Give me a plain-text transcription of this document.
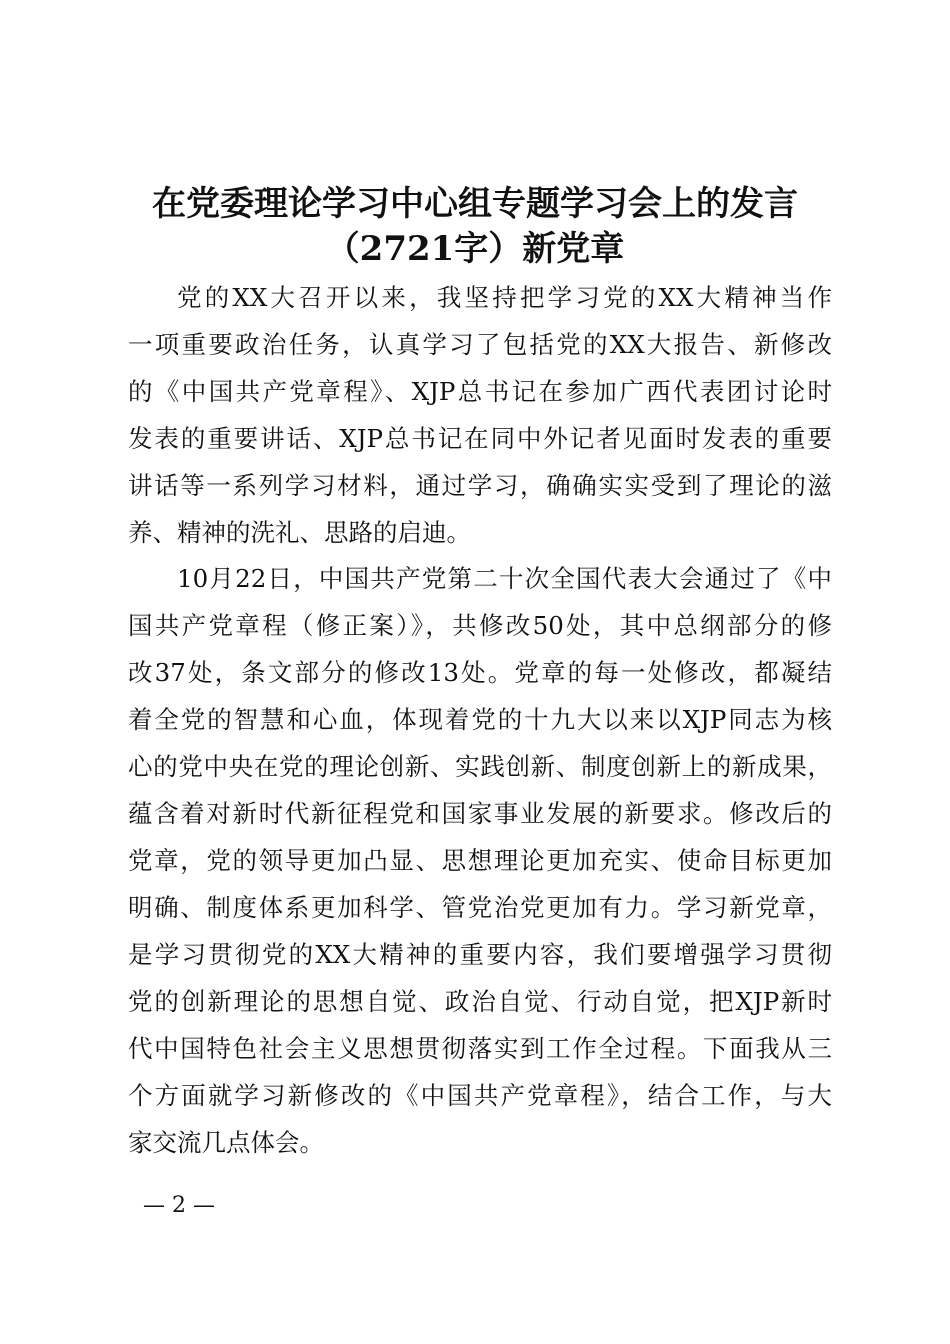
在党委理论学习中心组专题学习会上的发言
（2721字）新党章
党的XX大召开以来，我坚持把学习党的XX大精神当作
一项重要政治任务，认真学习了包括党的XX大报告、新修改
的《中国共产党章程》、XJP总书记在参加广西代表团讨论时
发表的重要讲话、XJP总书记在同中外记者见面时发表的重要
讲话等一系列学习材料，通过学习，确确实实受到了理论的滋
养、精神的洗礼、思路的启迪。
10月22日，中国共产党第二十次全国代表大会通过了《中
国共产党章程（修正案）》，共修改50处，其中总纲部分的修
改37处，条文部分的修改13处。党章的每一处修改，都凝结
着全党的智慧和心血，体现着党的十九大以来以XJP同志为核
心的党中央在党的理论创新、实践创新、制度创新上的新成果，
蕴含着对新时代新征程党和国家事业发展的新要求。修改后的
党章，党的领导更加凸显、思想理论更加充实、使命目标更加
明确、制度体系更加科学、管党治党更加有力。学习新党章，
是学习贯彻党的XX大精神的重要内容，我们要增强学习贯彻
党的创新理论的思想自觉、政治自觉、行动自觉，把XJP新时
代中国特色社会主义思想贯彻落实到工作全过程。下面我从三
个方面就学习新修改的《中国共产党章程》，结合工作，与大
家交流几点体会。
— 2 —
